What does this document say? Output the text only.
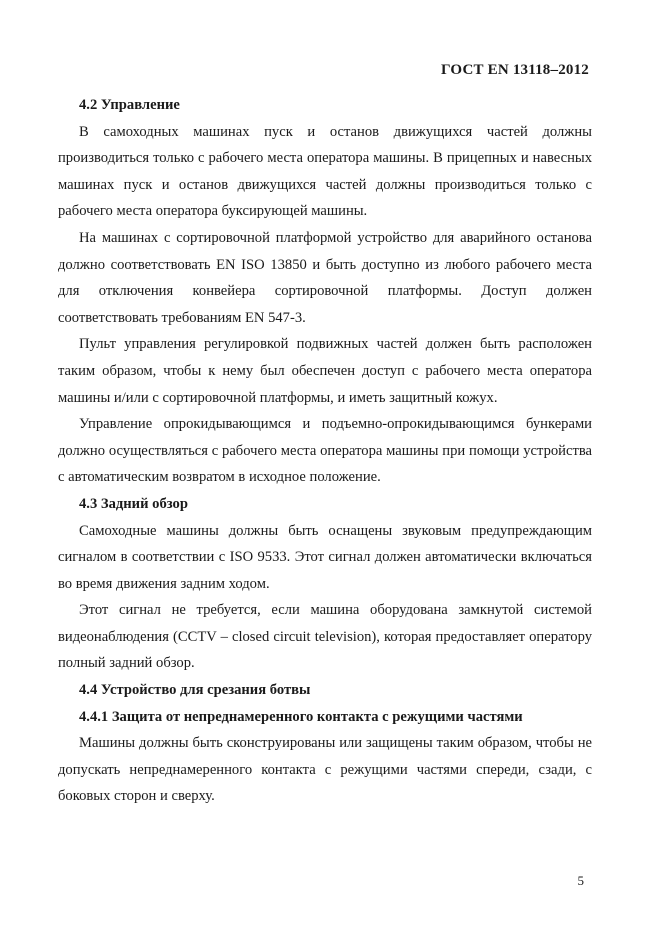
ГОСТ EN 13118–2012
4.2 Управление

В самоходных машинах пуск и останов движущихся частей должны производиться только с рабочего места оператора машины. В прицепных и навесных машинах пуск и останов движущихся частей должны производиться только с рабочего места оператора буксирующей машины.

На машинах с сортировочной платформой устройство для аварийного останова должно соответствовать EN ISO 13850 и быть доступно из любого рабочего места для отключения конвейера сортировочной платформы. Доступ должен соответствовать требованиям EN 547-3.

Пульт управления регулировкой подвижных частей должен быть расположен таким образом, чтобы к нему был обеспечен доступ с рабочего места оператора машины и/или с сортировочной платформы, и иметь защитный кожух.

Управление опрокидывающимся и подъемно-опрокидывающимся бункерами должно осуществляться с рабочего места оператора машины при помощи устройства с автоматическим возвратом в исходное положение.

4.3 Задний обзор

Самоходные машины должны быть оснащены звуковым предупреждающим сигналом в соответствии с ISO 9533. Этот сигнал должен автоматически включаться во время движения задним ходом.

Этот сигнал не требуется, если машина оборудована замкнутой системой видеонаблюдения (CCTV – closed circuit television), которая предоставляет оператору полный задний обзор.

4.4 Устройство для срезания ботвы
4.4.1 Защита от непреднамеренного контакта с режущими частями

Машины должны быть сконструированы или защищены таким образом, чтобы не допускать непреднамеренного контакта с режущими частями спереди, сзади, с боковых сторон и сверху.

5
